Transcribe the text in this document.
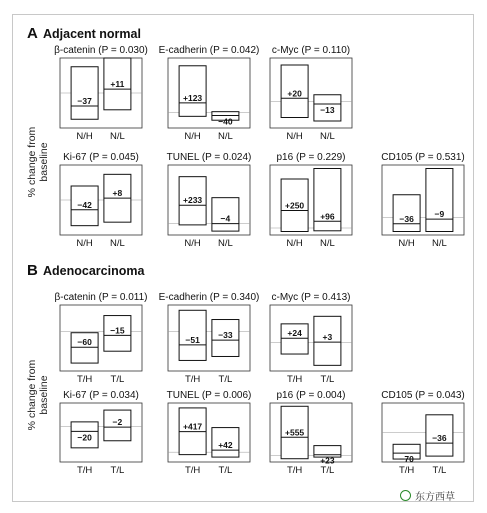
A Adjacent normal
% change from baseline
B Adenocarcinoma
% change from baseline
β-catenin (P = 0.030)
−37
N/H
+11
N/L
E-cadherin (P = 0.042)
+123
N/H
−40
N/L
c-Myc (P = 0.110)
+20
N/H
−13
N/L
Ki-67 (P = 0.045)
−42
N/H
+8
N/L
TUNEL (P = 0.024)
+233
N/H
−4
N/L
p16 (P = 0.229)
+250
N/H
+96
N/L
CD105 (P = 0.531)
−36
N/H
−9
N/L
β-catenin (P = 0.011)
−60
T/H
−15
T/L
E-cadherin (P = 0.340)
−51
T/H
−33
T/L
c-Myc (P = 0.413)
+24
T/H
+3
T/L
Ki-67 (P = 0.034)
−20
T/H
−2
T/L
TUNEL (P = 0.006)
+417
T/H
+42
T/L
p16 (P = 0.004)
+555
T/H
+23
T/L
CD105 (P = 0.043)
−70
T/H
−36
T/L
东方西草
